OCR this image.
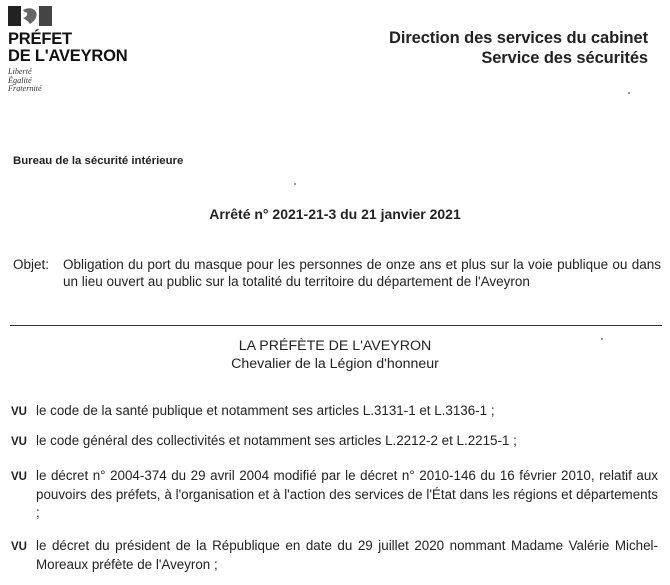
PRÉFET
DE L'AVEYRON
Liberté
Égalité
Fraternité
Direction des services du cabinet
Service des sécurités
Bureau de la sécurité intérieure
Arrêté n° 2021-21-3 du 21 janvier 2021
Objet: Obligation du port du masque pour les personnes de onze ans et plus sur la voie publique ou dans un lieu ouvert au public sur la totalité du territoire du département de l'Aveyron
LA PRÉFÈTE DE L'AVEYRON
Chevalier de la Légion d'honneur
VU le code de la santé publique et notamment ses articles L.3131-1 et L.3136-1 ;
VU le code général des collectivités et notamment ses articles L.2212-2 et L.2215-1 ;
VU le décret n° 2004-374 du 29 avril 2004 modifié par le décret n° 2010-146 du 16 février 2010, relatif aux pouvoirs des préfets, à l'organisation et à l'action des services de l'État dans les régions et départements ;
VU le décret du président de la République en date du 29 juillet 2020 nommant Madame Valérie Michel-Moreaux préfète de l'Aveyron ;
